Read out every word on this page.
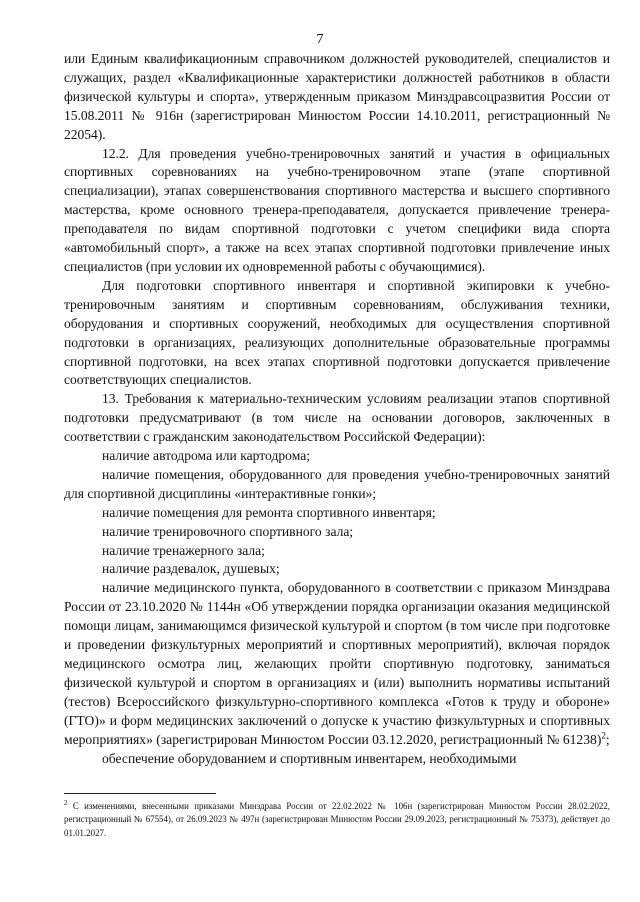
7

или Единым квалификационным справочником должностей руководителей, специалистов и служащих, раздел «Квалификационные характеристики должностей работников в области физической культуры и спорта», утвержденным приказом Минздравсоцразвития России от 15.08.2011 № 916н (зарегистрирован Минюстом России 14.10.2011, регистрационный № 22054).

12.2. Для проведения учебно-тренировочных занятий и участия в официальных спортивных соревнованиях на учебно-тренировочном этапе (этапе спортивной специализации), этапах совершенствования спортивного мастерства и высшего спортивного мастерства, кроме основного тренера-преподавателя, допускается привлечение тренера-преподавателя по видам спортивной подготовки с учетом специфики вида спорта «автомобильный спорт», а также на всех этапах спортивной подготовки привлечение иных специалистов (при условии их одновременной работы с обучающимися).

Для подготовки спортивного инвентаря и спортивной экипировки к учебно-тренировочным занятиям и спортивным соревнованиям, обслуживания техники, оборудования и спортивных сооружений, необходимых для осуществления спортивной подготовки в организациях, реализующих дополнительные образовательные программы спортивной подготовки, на всех этапах спортивной подготовки допускается привлечение соответствующих специалистов.

13. Требования к материально-техническим условиям реализации этапов спортивной подготовки предусматривают (в том числе на основании договоров, заключенных в соответствии с гражданским законодательством Российской Федерации):

наличие автодрома или картодрома;

наличие помещения, оборудованного для проведения учебно-тренировочных занятий для спортивной дисциплины «интерактивные гонки»;

наличие помещения для ремонта спортивного инвентаря;

наличие тренировочного спортивного зала;

наличие тренажерного зала;

наличие раздевалок, душевых;

наличие медицинского пункта, оборудованного в соответствии с приказом Минздрава России от 23.10.2020 № 1144н «Об утверждении порядка организации оказания медицинской помощи лицам, занимающимся физической культурой и спортом (в том числе при подготовке и проведении физкультурных мероприятий и спортивных мероприятий), включая порядок медицинского осмотра лиц, желающих пройти спортивную подготовку, заниматься физической культурой и спортом в организациях и (или) выполнить нормативы испытаний (тестов) Всероссийского физкультурно-спортивного комплекса «Готов к труду и обороне» (ГТО)» и форм медицинских заключений о допуске к участию физкультурных и спортивных мероприятиях» (зарегистрирован Минюстом России 03.12.2020, регистрационный № 61238)$^2$;

обеспечение оборудованием и спортивным инвентарем, необходимыми

$^2$ С изменениями, внесенными приказами Минздрава России от 22.02.2022 № 106н (зарегистрирован Минюстом России 28.02.2022, регистрационный № 67554), от 26.09.2023 № 497н (зарегистрирован Минюстом России 29.09.2023, регистрационный № 75373), действует до 01.01.2027.
